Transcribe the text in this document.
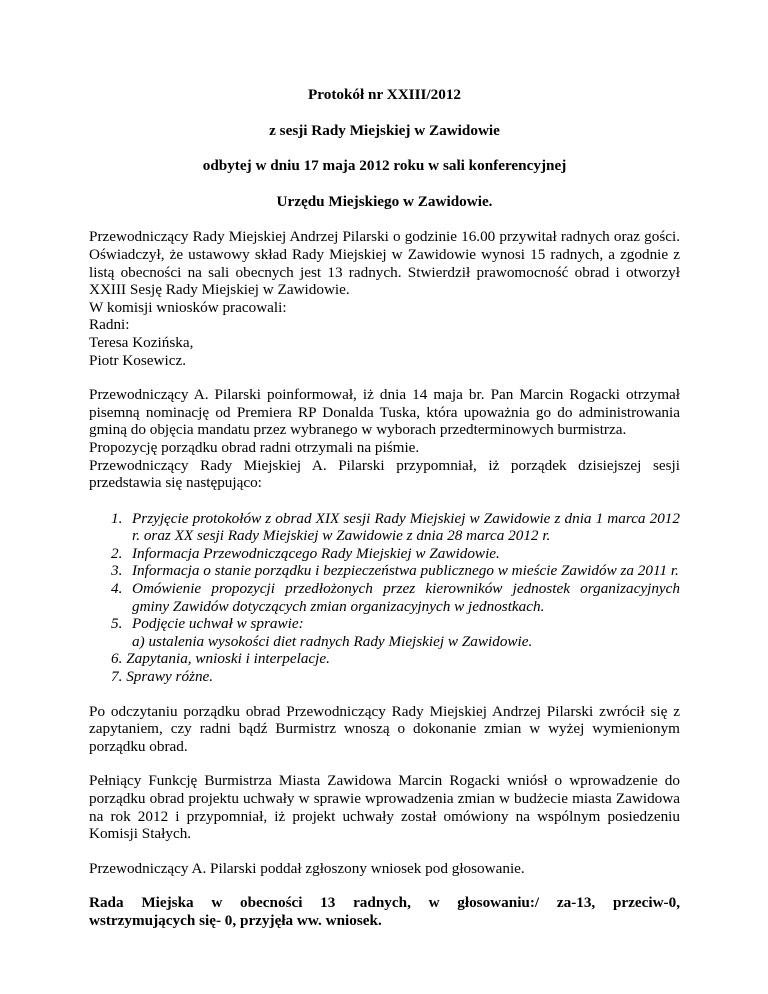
Protokół nr XXIII/2012

z sesji Rady Miejskiej w Zawidowie

odbytej w dniu 17 maja 2012 roku w sali konferencyjnej

Urzędu Miejskiego w Zawidowie.

Przewodniczący Rady Miejskiej Andrzej Pilarski o godzinie 16.00 przywitał radnych oraz gości. Oświadczył, że ustawowy skład Rady Miejskiej w Zawidowie wynosi 15 radnych, a zgodnie z listą obecności na sali obecnych jest 13 radnych. Stwierdził prawomocność obrad i otworzył XXIII Sesję Rady Miejskiej w Zawidowie.

W komisji wniosków pracowali:

Radni:

Teresa Kozińska,

Piotr Kosewicz.

Przewodniczący A. Pilarski poinformował, iż dnia 14 maja br. Pan Marcin Rogacki otrzymał pisemną nominację od Premiera RP Donalda Tuska, która upoważnia go do administrowania gminą do objęcia mandatu przez wybranego w wyborach przedterminowych burmistrza.

Propozycję porządku obrad radni otrzymali na piśmie.

Przewodniczący Rady Miejskiej A. Pilarski przypomniał, iż porządek dzisiejszej sesji przedstawia się następująco:

1. Przyjęcie protokołów z obrad XIX sesji Rady Miejskiej w Zawidowie z dnia 1 marca 2012 r. oraz XX sesji Rady Miejskiej w Zawidowie z dnia 28 marca 2012 r.
2. Informacja Przewodniczącego Rady Miejskiej w Zawidowie.
3. Informacja o stanie porządku i bezpieczeństwa publicznego w mieście Zawidów za 2011 r.
4. Omówienie propozycji przedłożonych przez kierowników jednostek organizacyjnych gminy Zawidów dotyczących zmian organizacyjnych w jednostkach.
5. Podjęcie uchwał w sprawie:

a) ustalenia wysokości diet radnych Rady Miejskiej w Zawidowie.

6. Zapytania, wnioski i interpelacje.

7. Sprawy różne.

Po odczytaniu porządku obrad Przewodniczący Rady Miejskiej Andrzej Pilarski zwrócił się z zapytaniem, czy radni bądź Burmistrz wnoszą o dokonanie zmian w wyżej wymienionym porządku obrad.

Pełniący Funkcję Burmistrza Miasta Zawidowa Marcin Rogacki wniósł o wprowadzenie do porządku obrad projektu uchwały w sprawie wprowadzenia zmian w budżecie miasta Zawidowa na rok 2012 i przypomniał, iż projekt uchwały został omówiony na wspólnym posiedzeniu Komisji Stałych.

Przewodniczący A. Pilarski poddał zgłoszony wniosek pod głosowanie.

Rada Miejska w obecności 13 radnych, w głosowaniu:/ za-13, przeciw-0,

wstrzymujących się- 0, przyjęła ww. wniosek.
